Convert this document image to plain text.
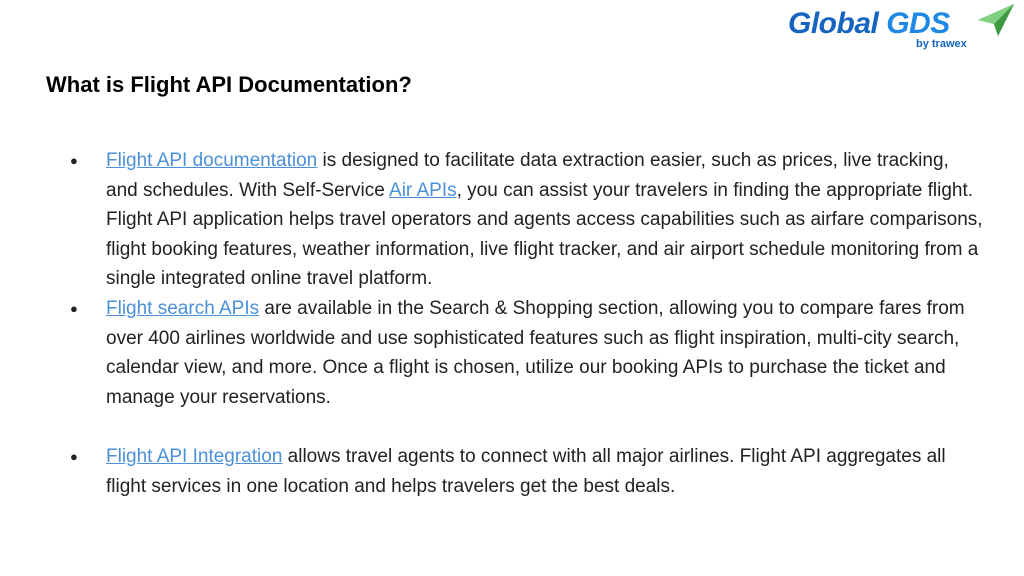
Global GDS
by trawex
What is Flight API Documentation?
● Flight API documentation is designed to facilitate data extraction easier, such as prices, live tracking, and schedules. With Self-Service Air APIs, you can assist your travelers in finding the appropriate flight. Flight API application helps travel operators and agents access capabilities such as airfare comparisons, flight booking features, weather information, live flight tracker, and air airport schedule monitoring from a single integrated online travel platform.
● Flight search APIs are available in the Search & Shopping section, allowing you to compare fares from over 400 airlines worldwide and use sophisticated features such as flight inspiration, multi-city search, calendar view, and more. Once a flight is chosen, utilize our booking APIs to purchase the ticket and manage your reservations.
● Flight API Integration allows travel agents to connect with all major airlines. Flight API aggregates all flight services in one location and helps travelers get the best deals.
